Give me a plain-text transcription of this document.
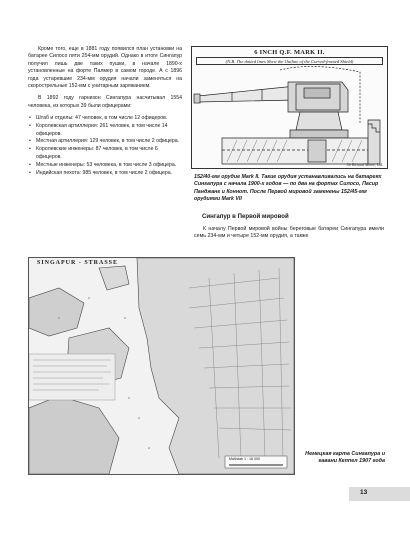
Кроме того, еще в 1881 году появился план установки на батарее Силосо пяти 254-мм орудий. Однако в итоге Сингапур получил лишь две таких пушки, в начале 1890-х установленные на форте Палмер в самом городе. А с 1896 года устаревшие 234-мм орудия начали заменяться на скорострельные 152-мм с унитарным заряжанием.

В 1892 году гарнизон Сингапура насчитывал 1554 человека, из которых 39 были офицерами:

• Штаб и отделы: 47 человек, в том числе 12 офицеров.
• Королевская артиллерия: 261 человек, в том числе 14 офицеров.
• Местная артиллерия: 129 человек, в том числе 2 офицера.
• Королевские инженеры: 87 человек, в том числе 6 офицеров.
• Местные инженеры: 53 человека, в том числе 3 офицера.
• Индийская пехота: 985 человек, в том числе 2 офицера.
6 INCH Q.F. MARK II.
(N.B. The dotted lines Shew the Outline of the Curved-fronted Shield)
Sir Richard Moore, Ltd.
152/40-мм орудие Mark II. Такие орудия устанавливались на батареях Сингапура с начала 1900-х годов — по два на фортах Силосо, Пасир Панджанг и Коннот. После Первой мировой заменены 152/45-мм орудиями Mark VII
Сингапур в Первой мировой
К началу Первой мировой войны береговые батареи Сингапура имели семь 234-мм и четыре 152-мм орудия, а также
SINGAPUR - STRASSE
Maßstab 1 : 16 000
Немецкая карта Сингапура и гавани Кеппел 1907 года
13
